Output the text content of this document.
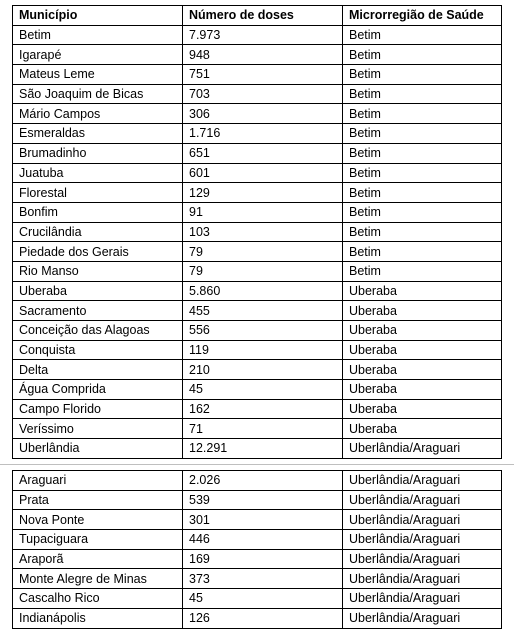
Município	Número de doses	Microrregião de Saúde
Betim	7.973	Betim
Igarapé	948	Betim
Mateus Leme	751	Betim
São Joaquim de Bicas	703	Betim
Mário Campos	306	Betim
Esmeraldas	1.716	Betim
Brumadinho	651	Betim
Juatuba	601	Betim
Florestal	129	Betim
Bonfim	91	Betim
Crucilândia	103	Betim
Piedade dos Gerais	79	Betim
Rio Manso	79	Betim
Uberaba	5.860	Uberaba
Sacramento	455	Uberaba
Conceição das Alagoas	556	Uberaba
Conquista	119	Uberaba
Delta	210	Uberaba
Água Comprida	45	Uberaba
Campo Florido	162	Uberaba
Veríssimo	71	Uberaba
Uberlândia	12.291	Uberlândia/Araguari
Araguari	2.026	Uberlândia/Araguari
Prata	539	Uberlândia/Araguari
Nova Ponte	301	Uberlândia/Araguari
Tupaciguara	446	Uberlândia/Araguari
Araporã	169	Uberlândia/Araguari
Monte Alegre de Minas	373	Uberlândia/Araguari
Cascalho Rico	45	Uberlândia/Araguari
Indianápolis	126	Uberlândia/Araguari
